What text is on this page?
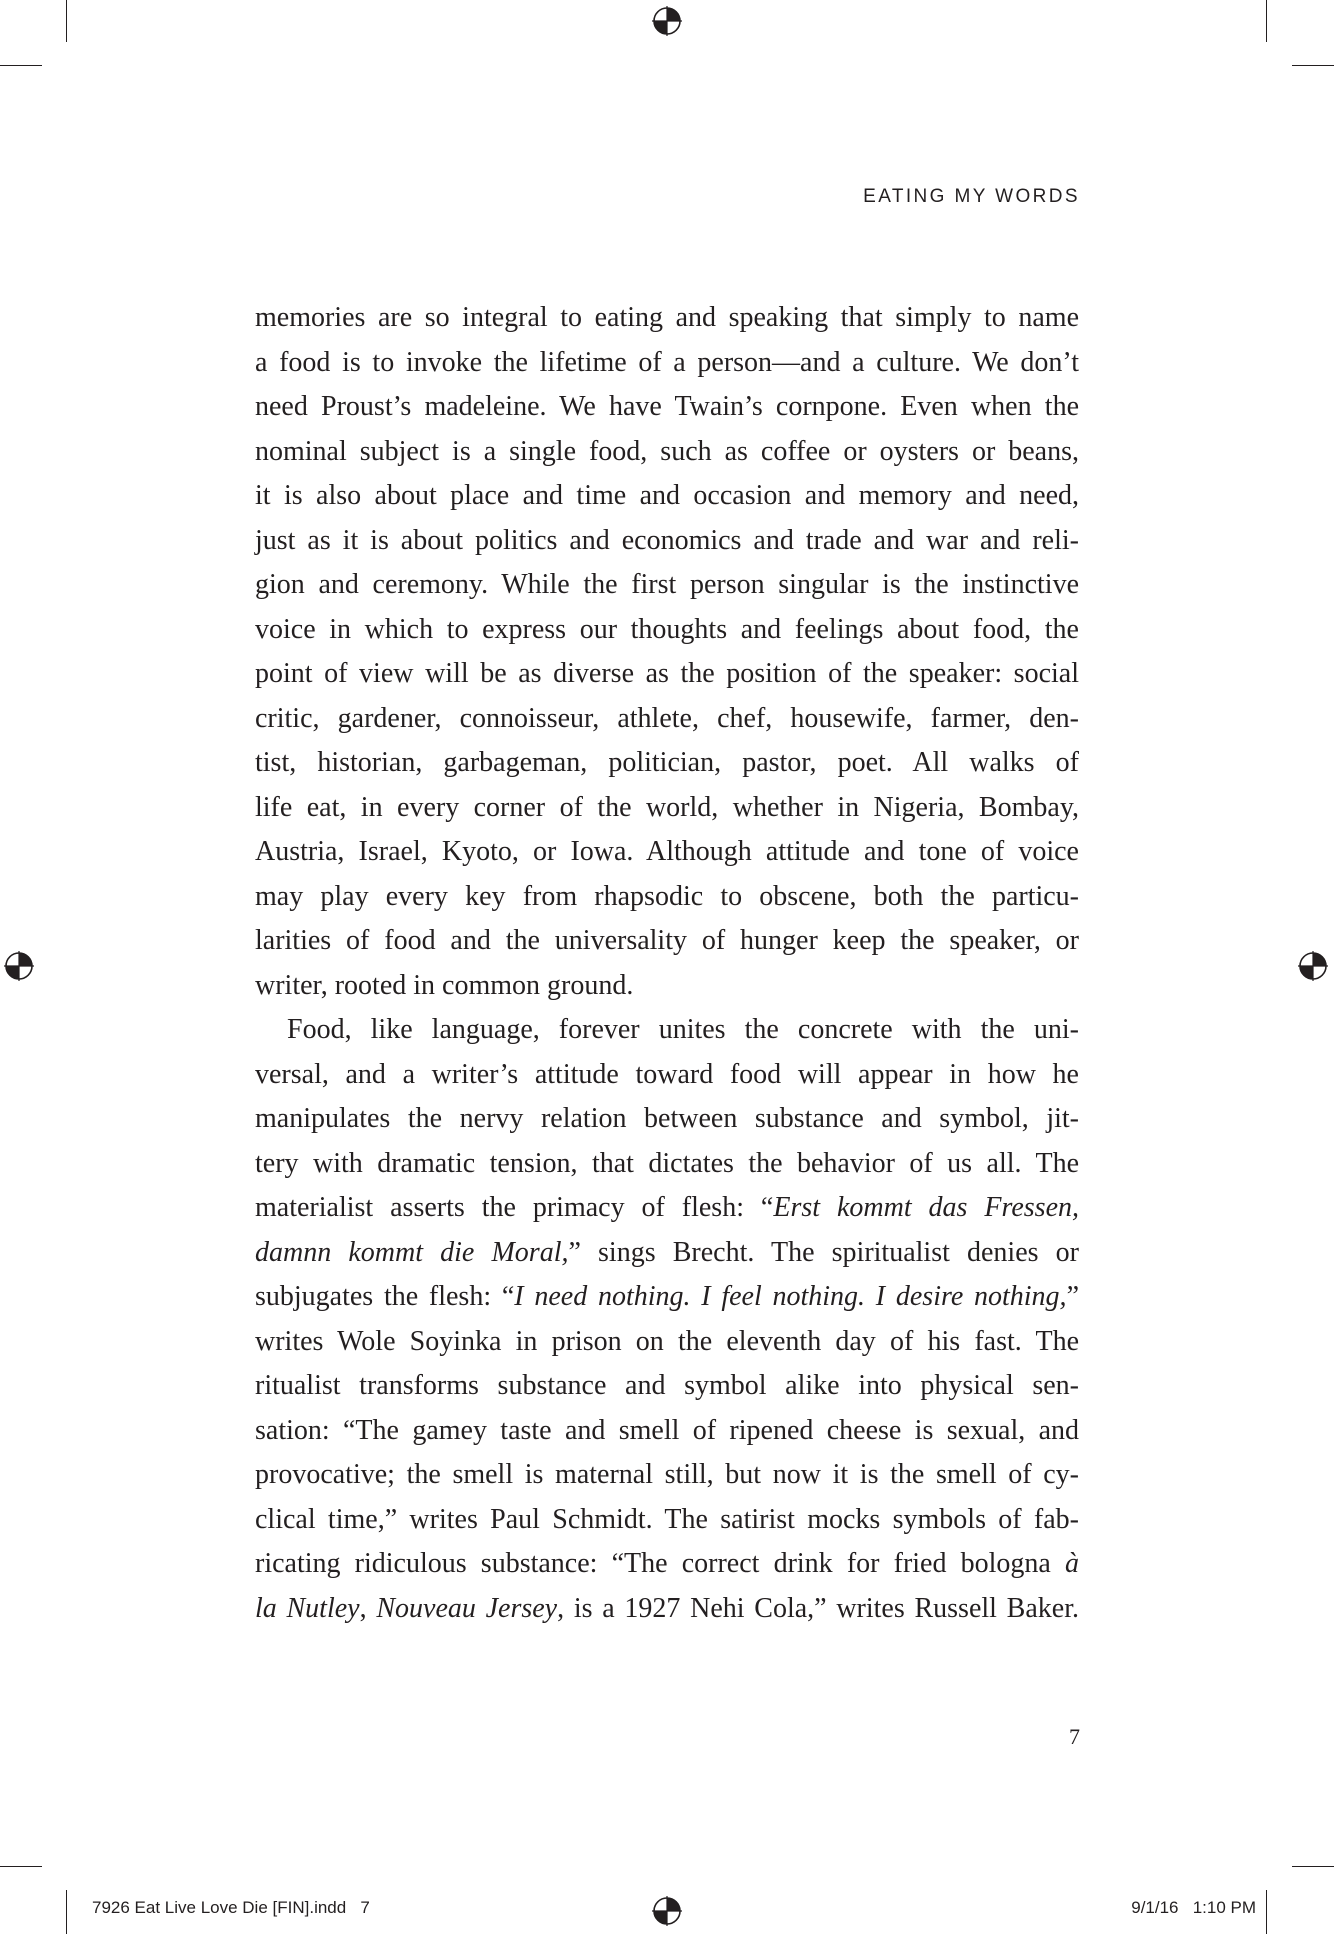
EATING MY WORDS
memories are so integral to eating and speaking that simply to name
a food is to invoke the lifetime of a person—and a culture. We don’t
need Proust’s madeleine. We have Twain’s cornpone. Even when the
nominal subject is a single food, such as coffee or oysters or beans,
it is also about place and time and occasion and memory and need,
just as it is about politics and economics and trade and war and reli-
gion and ceremony. While the first person singular is the instinctive
voice in which to express our thoughts and feelings about food, the
point of view will be as diverse as the position of the speaker: social
critic, gardener, connoisseur, athlete, chef, housewife, farmer, den-
tist, historian, garbageman, politician, pastor, poet. All walks of
life eat, in every corner of the world, whether in Nigeria, Bombay,
Austria, Israel, Kyoto, or Iowa. Although attitude and tone of voice
may play every key from rhapsodic to obscene, both the particu-
larities of food and the universality of hunger keep the speaker, or
writer, rooted in common ground.
Food, like language, forever unites the concrete with the uni-
versal, and a writer’s attitude toward food will appear in how he
manipulates the nervy relation between substance and symbol, jit-
tery with dramatic tension, that dictates the behavior of us all. The
materialist asserts the primacy of flesh: “Erst kommt das Fressen,
damnn kommt die Moral,” sings Brecht. The spiritualist denies or
subjugates the flesh: “I need nothing. I feel nothing. I desire nothing,”
writes Wole Soyinka in prison on the eleventh day of his fast. The
ritualist transforms substance and symbol alike into physical sen-
sation: “The gamey taste and smell of ripened cheese is sexual, and
provocative; the smell is maternal still, but now it is the smell of cy-
clical time,” writes Paul Schmidt. The satirist mocks symbols of fab-
ricating ridiculous substance: “The correct drink for fried bologna à
la Nutley, Nouveau Jersey, is a 1927 Nehi Cola,” writes Russell Baker.
7
7926 Eat Live Love Die [FIN].indd   7	9/1/16 1:10 PM
